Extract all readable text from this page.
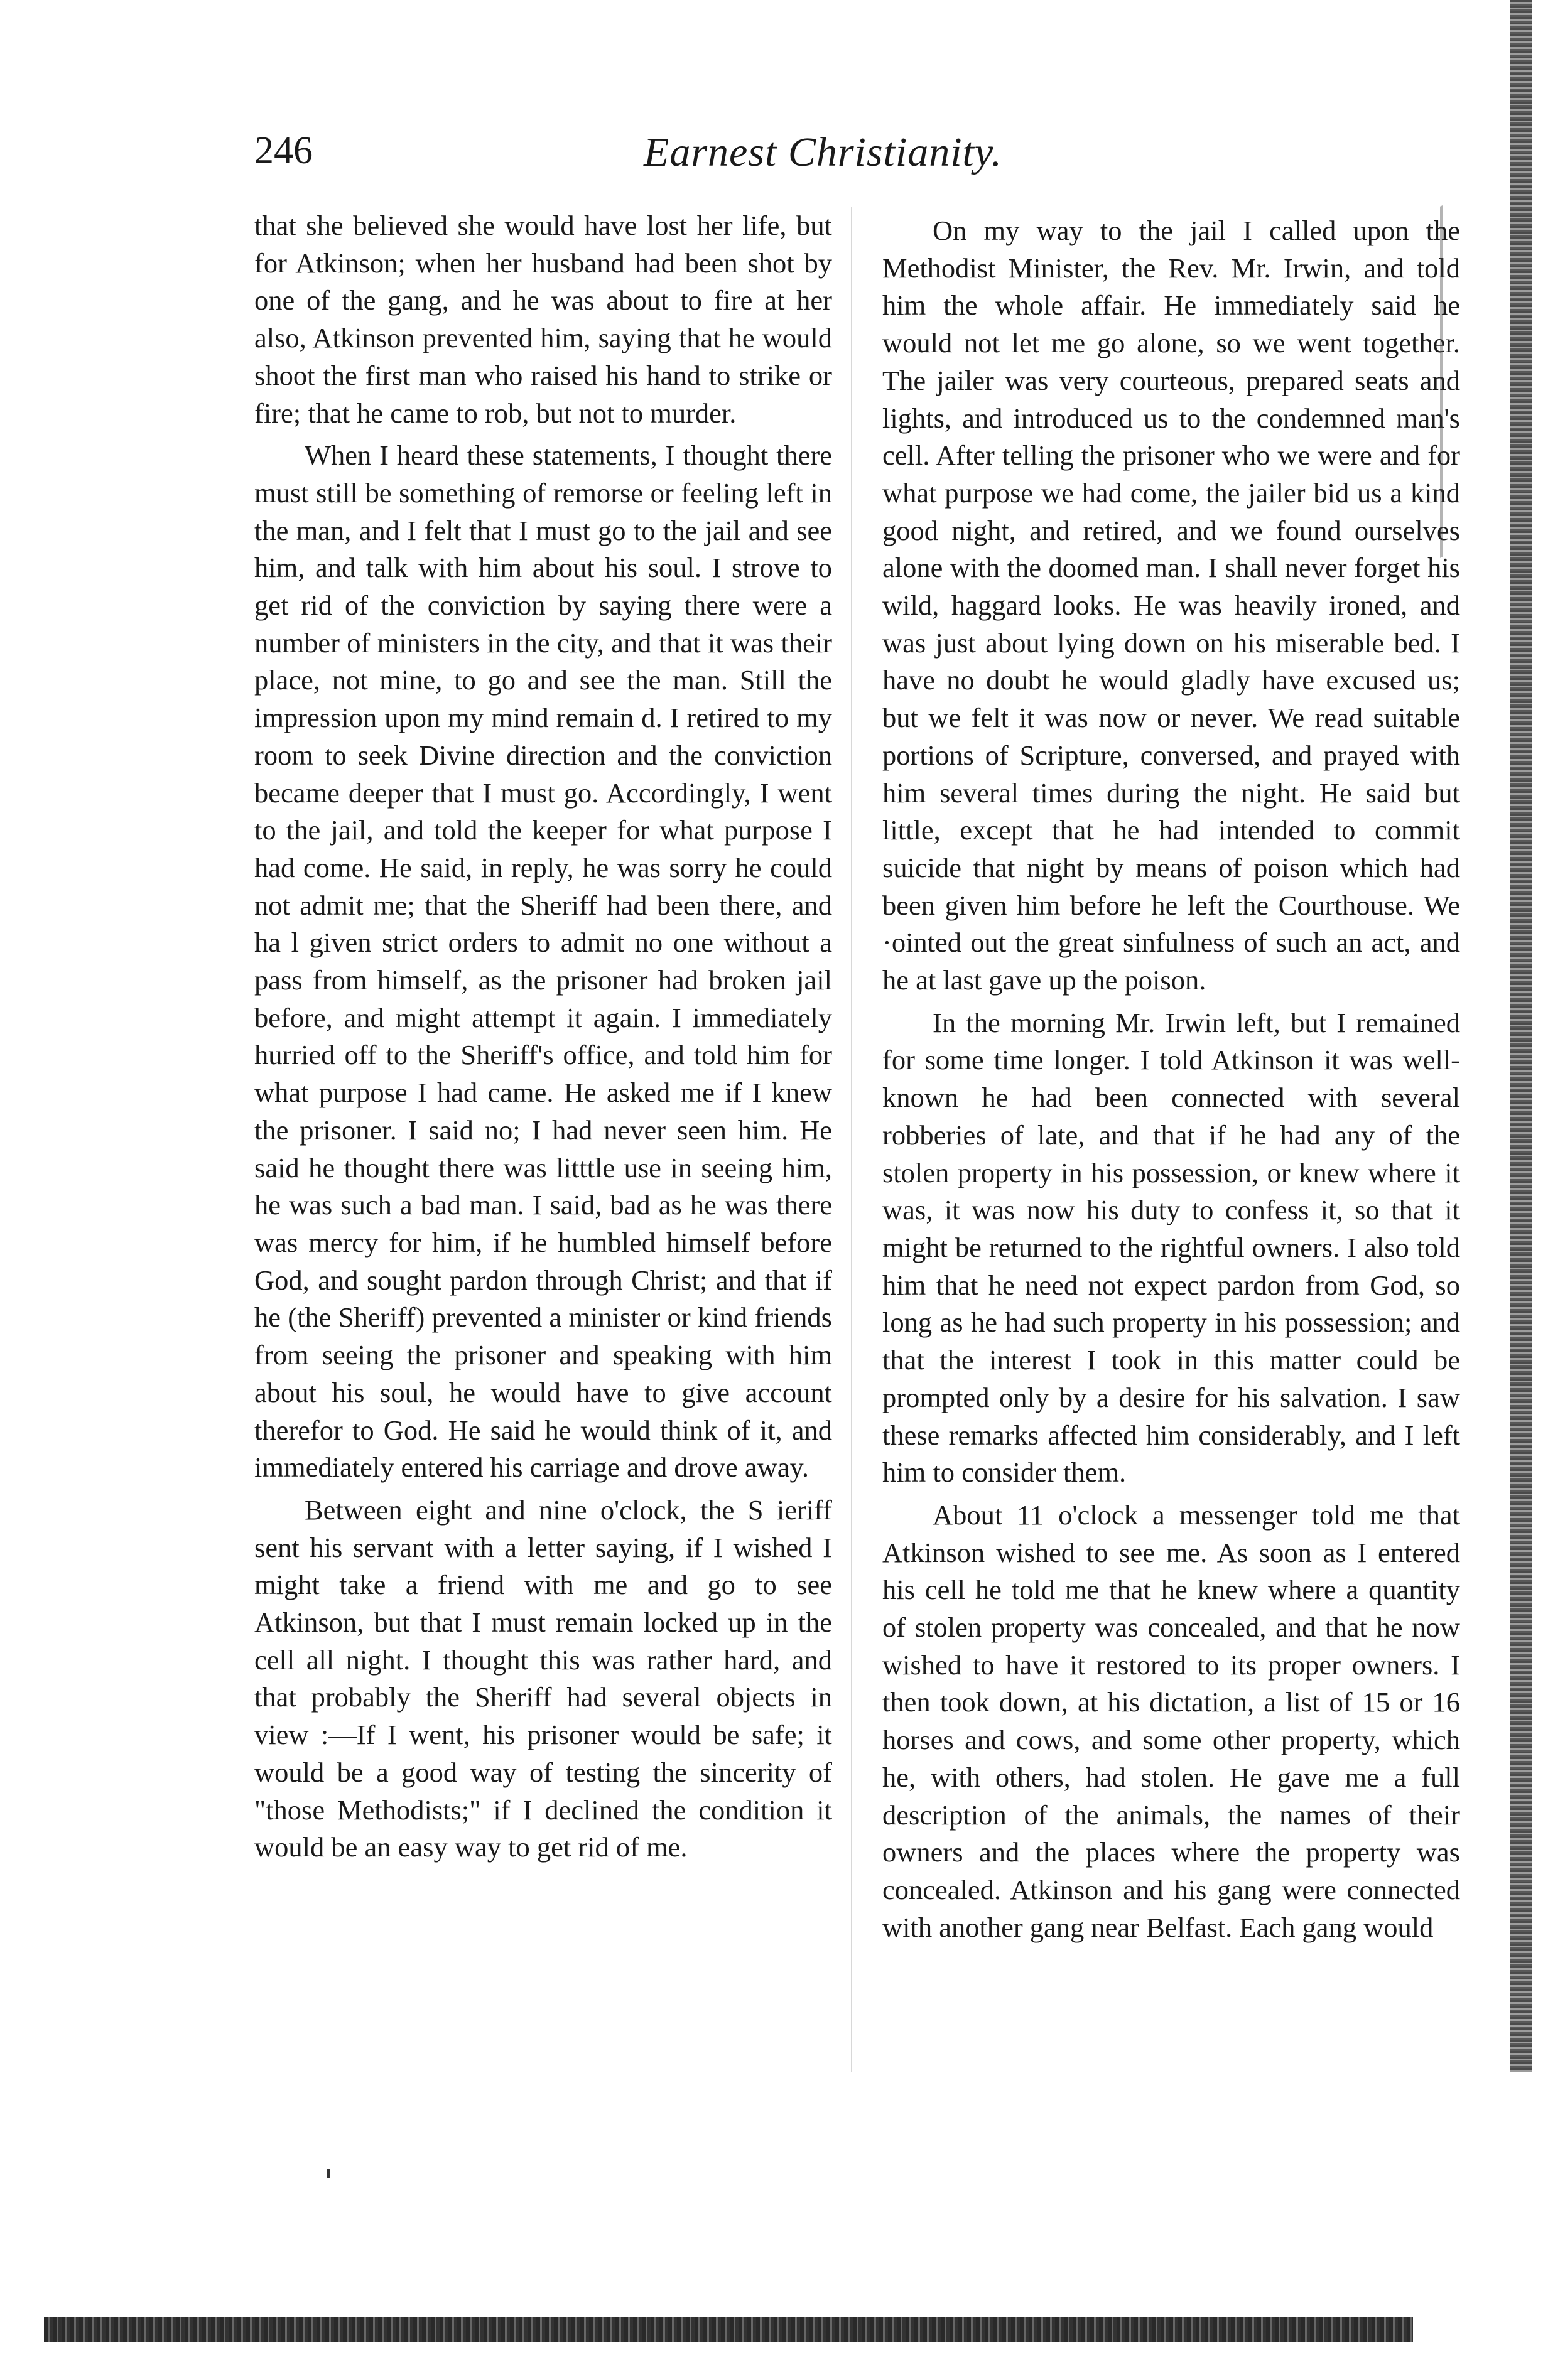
246	Earnest Christianity.

that she believed she would have lost her life, but for Atkinson; when her husband had been shot by one of the gang, and he was about to fire at her also, Atkinson prevented him, saying that he would shoot the first man who raised his hand to strike or fire; that he came to rob, but not to murder.

When I heard these statements, I thought there must still be something of remorse or feeling left in the man, and I felt that I must go to the jail and see him, and talk with him about his soul. I strove to get rid of the conviction by saying there were a number of ministers in the city, and that it was their place, not mine, to go and see the man. Still the impression upon my mind remain d. I retired to my room to seek Divine direction and the conviction became deeper that I must go. Accordingly, I went to the jail, and told the keeper for what purpose I had come. He said, in reply, he was sorry he could not admit me; that the Sheriff had been there, and ha l given strict orders to admit no one without a pass from himself, as the prisoner had broken jail before, and might attempt it again. I immediately hurried off to the Sheriff's office, and told him for what purpose I had came. He asked me if I knew the prisoner. I said no; I had never seen him. He said he thought there was litttle use in seeing him, he was such a bad man. I said, bad as he was there was mercy for him, if he humbled himself before God, and sought pardon through Christ; and that if he (the Sheriff) prevented a minister or kind friends from seeing the prisoner and speaking with him about his soul, he would have to give account therefor to God. He said he would think of it, and immediately entered his carriage and drove away.

Between eight and nine o'clock, the S ieriff sent his servant with a letter saying, if I wished I might take a friend with me and go to see Atkinson, but that I must remain locked up in the cell all night. I thought this was rather hard, and that probably the Sheriff had several objects in view :—If I went, his prisoner would be safe; it would be a good way of testing the sincerity of "those Methodists;" if I declined the condition it would be an easy way to get rid of me.

On my way to the jail I called upon the Methodist Minister, the Rev. Mr. Irwin, and told him the whole affair. He immediately said he would not let me go alone, so we went together. The jailer was very courteous, prepared seats and lights, and introduced us to the condemned man's cell. After telling the prisoner who we were and for what purpose we had come, the jailer bid us a kind good night, and retired, and we found ourselves alone with the doomed man. I shall never forget his wild, haggard looks. He was heavily ironed, and was just about lying down on his miserable bed. I have no doubt he would gladly have excused us; but we felt it was now or never. We read suitable portions of Scripture, conversed, and prayed with him several times during the night. He said but little, except that he had intended to commit suicide that night by means of poison which had been given him before he left the Courthouse. We ·ointed out the great sinfulness of such an act, and he at last gave up the poison.

In the morning Mr. Irwin left, but I remained for some time longer. I told Atkinson it was well-known he had been connected with several robberies of late, and that if he had any of the stolen property in his possession, or knew where it was, it was now his duty to confess it, so that it might be returned to the rightful owners. I also told him that he need not expect pardon from God, so long as he had such property in his possession; and that the interest I took in this matter could be prompted only by a desire for his salvation. I saw these remarks affected him considerably, and I left him to consider them.

About 11 o'clock a messenger told me that Atkinson wished to see me. As soon as I entered his cell he told me that he knew where a quantity of stolen property was concealed, and that he now wished to have it restored to its proper owners. I then took down, at his dictation, a list of 15 or 16 horses and cows, and some other property, which he, with others, had stolen. He gave me a full description of the animals, the names of their owners and the places where the property was concealed. Atkinson and his gang were connected with another gang near Belfast. Each gang would
